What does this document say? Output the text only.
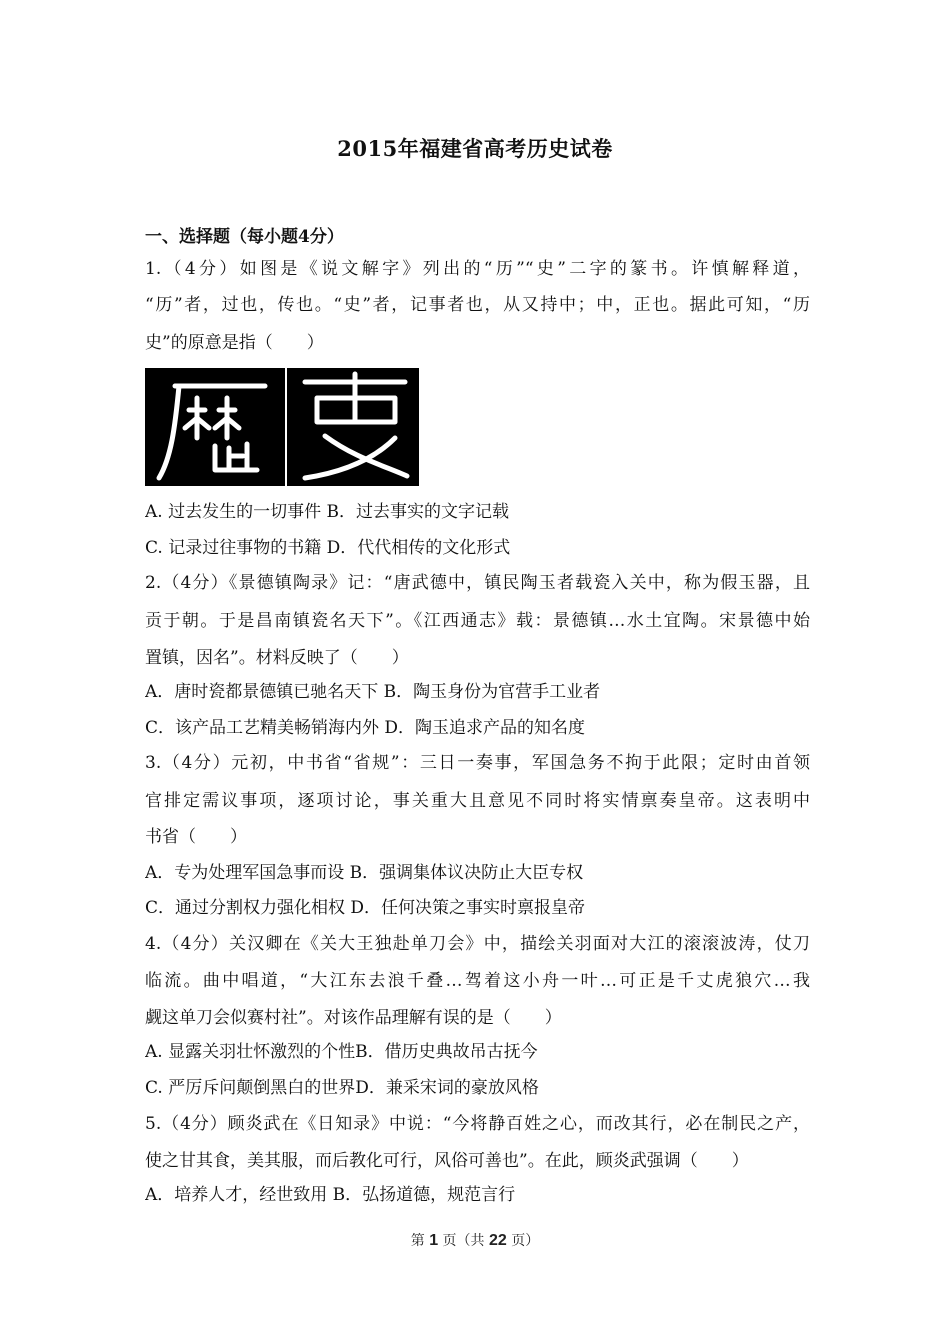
2015年福建省高考历史试卷
一、选择题（每小题4分）
1.（4分）如图是《说文解字》列出的“历”“史”二字的篆书。许慎解释道，
“历”者，过也，传也。“史”者，记事者也，从又持中；中，正也。据此可知，“历
史”的原意是指（　　）
A. 过去发生的一切事件 B．过去事实的文字记载
C. 记录过往事物的书籍 D．代代相传的文化形式
2.（4分）《景德镇陶录》记：“唐武德中，镇民陶玉者载瓷入关中，称为假玉器，且
贡于朝。于是昌南镇瓷名天下”。《江西通志》载：景德镇…水土宜陶。宋景德中始
置镇，因名”。材料反映了（　　）
A．唐时瓷都景德镇已驰名天下 B．陶玉身份为官营手工业者
C．该产品工艺精美畅销海内外 D．陶玉追求产品的知名度
3.（4分）元初，中书省“省规”：三日一奏事，军国急务不拘于此限；定时由首领
官排定需议事项，逐项讨论，事关重大且意见不同时将实情禀奏皇帝。这表明中
书省（　　）
A．专为处理军国急事而设 B．强调集体议决防止大臣专权
C．通过分割权力强化相权 D．任何决策之事实时禀报皇帝
4.（4分）关汉卿在《关大王独赴单刀会》中，描绘关羽面对大江的滚滚波涛，仗刀
临流。曲中唱道，“大江东去浪千叠…驾着这小舟一叶…可正是千丈虎狼穴…我
觑这单刀会似赛村社”。对该作品理解有误的是（　　）
A. 显露关羽壮怀激烈的个性B．借历史典故吊古抚今
C. 严厉斥问颠倒黑白的世界D．兼采宋词的豪放风格
5.（4分）顾炎武在《日知录》中说：“今将静百姓之心，而改其行，必在制民之产，
使之甘其食，美其服，而后教化可行，风俗可善也”。在此，顾炎武强调（　　）
A．培养人才，经世致用 B．弘扬道德，规范言行
第 1 页（共 22 页）
